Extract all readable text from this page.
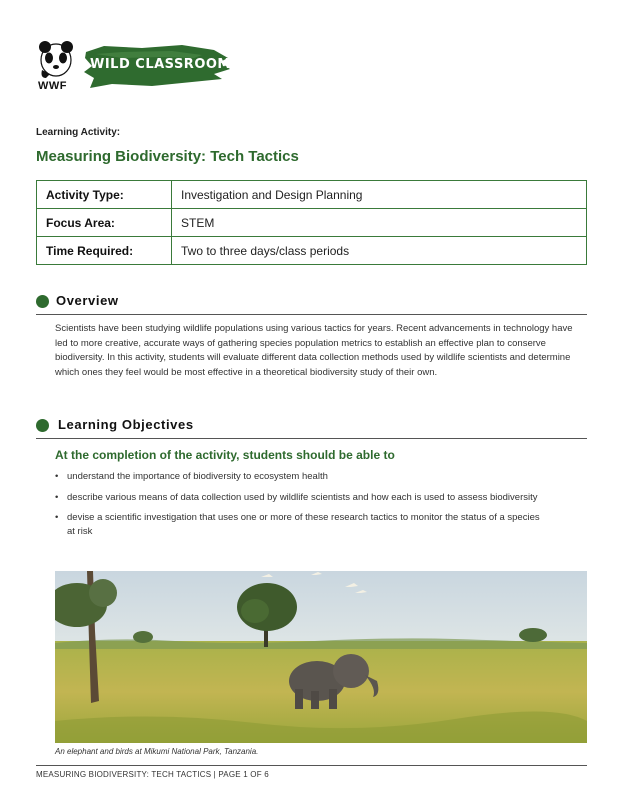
WWF
WILD CLASSROOM
Learning Activity:
Measuring Biodiversity: Tech Tactics
Activity Type:	Investigation and Design Planning
Focus Area:	STEM
Time Required:	Two to three days/class periods
Overview

Scientists have been studying wildlife populations using various tactics for years. Recent advancements in technology have led to more creative, accurate ways of gathering species population metrics to establish an effective plan to conserve biodiversity. In this activity, students will evaluate different data collection methods used by wildlife scientists and determine which ones they feel would be most effective in a theoretical biodiversity study of their own.

Learning Objectives
At the completion of the activity, students should be able to
• understand the importance of biodiversity to ecosystem health
• describe various means of data collection used by wildlife scientists and how each is used to assess biodiversity
• devise a scientific investigation that uses one or more of these research tactics to monitor the status of a species at risk
An elephant and birds at Mikumi National Park, Tanzania.
MEASURING BIODIVERSITY: TECH TACTICS | PAGE 1 OF 6
